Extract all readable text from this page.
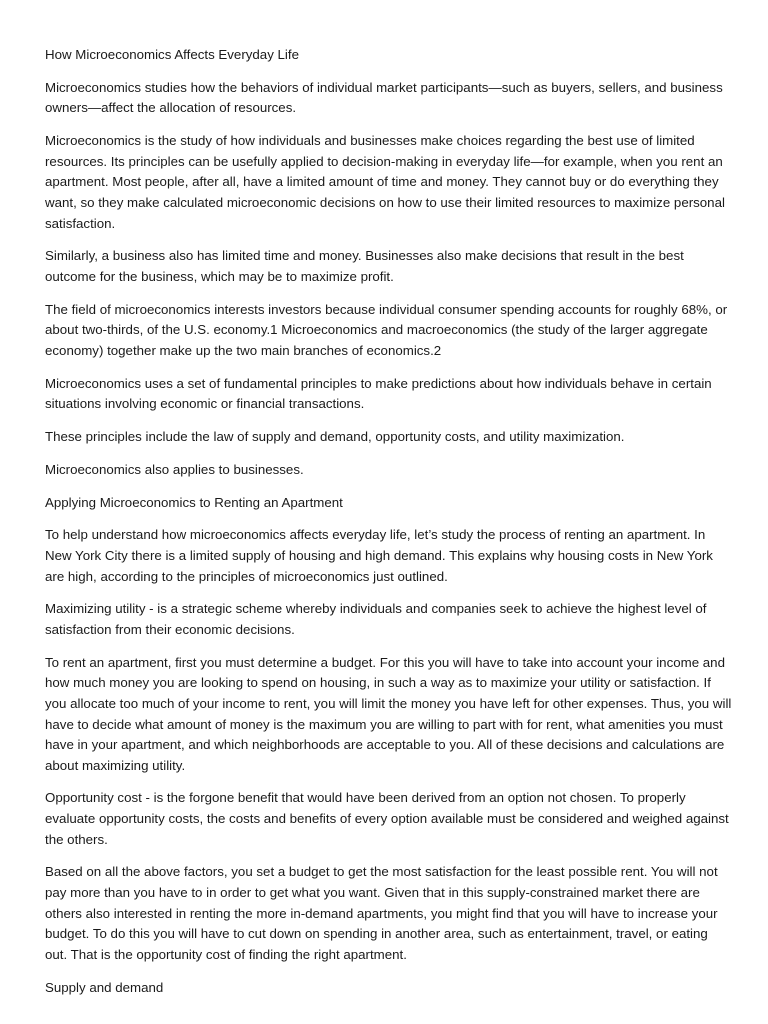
How Microeconomics Affects Everyday Life

Microeconomics studies how the behaviors of individual market participants—such as buyers, sellers, and business owners—affect the allocation of resources.

Microeconomics is the study of how individuals and businesses make choices regarding the best use of limited resources. Its principles can be usefully applied to decision-making in everyday life—for example, when you rent an apartment. Most people, after all, have a limited amount of time and money. They cannot buy or do everything they want, so they make calculated microeconomic decisions on how to use their limited resources to maximize personal satisfaction.

Similarly, a business also has limited time and money. Businesses also make decisions that result in the best outcome for the business, which may be to maximize profit.

The field of microeconomics interests investors because individual consumer spending accounts for roughly 68%, or about two-thirds, of the U.S. economy.1 Microeconomics and macroeconomics (the study of the larger aggregate economy) together make up the two main branches of economics.2

Microeconomics uses a set of fundamental principles to make predictions about how individuals behave in certain situations involving economic or financial transactions.

These principles include the law of supply and demand, opportunity costs, and utility maximization.

Microeconomics also applies to businesses.

Applying Microeconomics to Renting an Apartment

To help understand how microeconomics affects everyday life, let’s study the process of renting an apartment. In New York City there is a limited supply of housing and high demand. This explains why housing costs in New York are high, according to the principles of microeconomics just outlined.

Maximizing utility - is a strategic scheme whereby individuals and companies seek to achieve the highest level of satisfaction from their economic decisions.

To rent an apartment, first you must determine a budget. For this you will have to take into account your income and how much money you are looking to spend on housing, in such a way as to maximize your utility or satisfaction. If you allocate too much of your income to rent, you will limit the money you have left for other expenses. Thus, you will have to decide what amount of money is the maximum you are willing to part with for rent, what amenities you must have in your apartment, and which neighborhoods are acceptable to you. All of these decisions and calculations are about maximizing utility.

Opportunity cost - is the forgone benefit that would have been derived from an option not chosen. To properly evaluate opportunity costs, the costs and benefits of every option available must be considered and weighed against the others.

Based on all the above factors, you set a budget to get the most satisfaction for the least possible rent. You will not pay more than you have to in order to get what you want. Given that in this supply-constrained market there are others also interested in renting the more in-demand apartments, you might find that you will have to increase your budget. To do this you will have to cut down on spending in another area, such as entertainment, travel, or eating out. That is the opportunity cost of finding the right apartment.

Supply and demand
